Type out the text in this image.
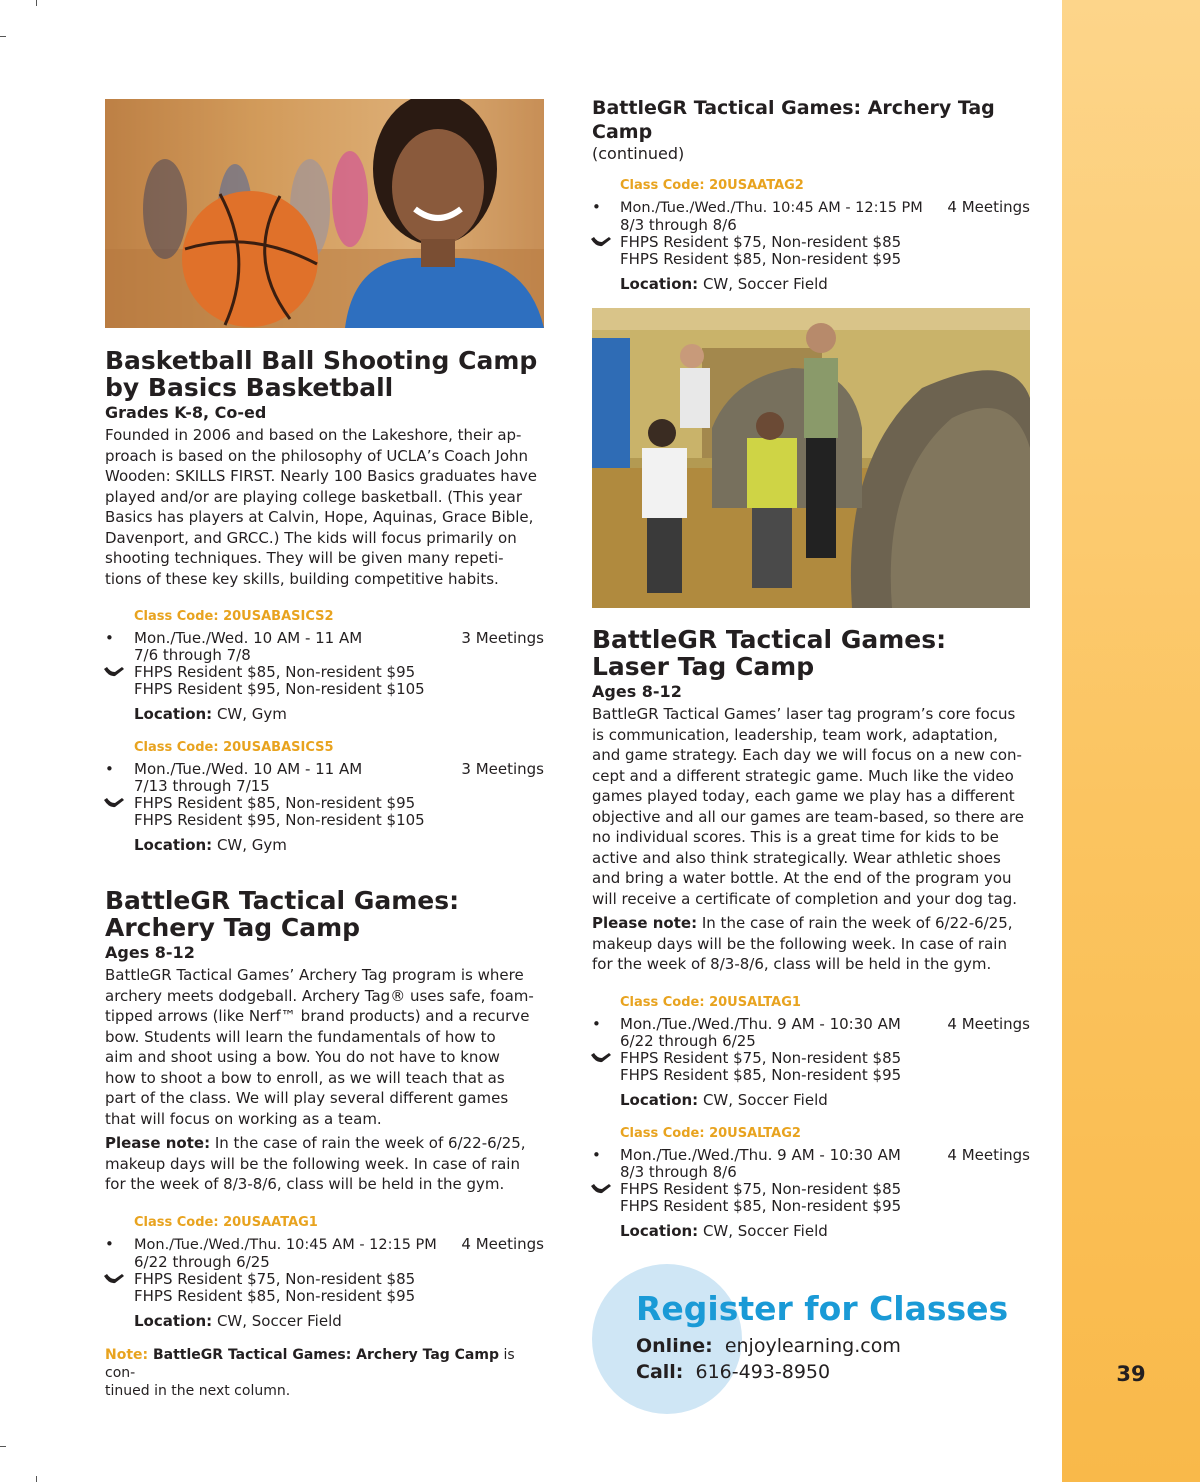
39
Basketball Ball Shooting Camp
by Basics Basketball
Grades K-8, Co-ed

Founded in 2006 and based on the Lakeshore, their ap-

proach is based on the philosophy of UCLA’s Coach John

Wooden: SKILLS FIRST. Nearly 100 Basics graduates have

played and/or are playing college basketball. (This year

Basics has players at Calvin, Hope, Aquinas, Grace Bible,

Davenport, and GRCC.) The kids will focus primarily on

shooting techniques. They will be given many repeti-

tions of these key skills, building competitive habits.

Class Code: 20USABASICS2
• Mon./Tue./Wed. 10 AM - 11 AM	3 Meetings
7/6 through 7/8
FHPS Resident $85, Non-resident $95
FHPS Resident $95, Non-resident $105
Location: CW, Gym
Class Code: 20USABASICS5
• Mon./Tue./Wed. 10 AM - 11 AM	3 Meetings
7/13 through 7/15
FHPS Resident $85, Non-resident $95
FHPS Resident $95, Non-resident $105
Location: CW, Gym
BattleGR Tactical Games:
Archery Tag Camp
Ages 8-12

BattleGR Tactical Games’ Archery Tag program is where

archery meets dodgeball. Archery Tag® uses safe, foam-

tipped arrows (like Nerf™ brand products) and a recurve

bow. Students will learn the fundamentals of how to

aim and shoot using a bow. You do not have to know

how to shoot a bow to enroll, as we will teach that as

part of the class. We will play several different games

that will focus on working as a team.

Please note: In the case of rain the week of 6/22-6/25,

makeup days will be the following week. In case of rain

for the week of 8/3-8/6, class will be held in the gym.

Class Code: 20USAATAG1
• Mon./Tue./Wed./Thu. 10:45 AM - 12:15 PM 4 Meetings
6/22 through 6/25
FHPS Resident $75, Non-resident $85
FHPS Resident $85, Non-resident $95
Location: CW, Soccer Field
Note: BattleGR Tactical Games: Archery Tag Camp is con-
tinued in the next column.
BattleGR Tactical Games: Archery Tag Camp
(continued)
Class Code: 20USAATAG2
• Mon./Tue./Wed./Thu. 10:45 AM - 12:15 PM 4 Meetings
8/3 through 8/6
FHPS Resident $75, Non-resident $85
FHPS Resident $85, Non-resident $95
Location: CW, Soccer Field
BattleGR Tactical Games:
Laser Tag Camp
Ages 8-12

BattleGR Tactical Games’ laser tag program’s core focus

is communication, leadership, team work, adaptation,

and game strategy. Each day we will focus on a new con-

cept and a different strategic game. Much like the video

games played today, each game we play has a different

objective and all our games are team-based, so there are

no individual scores. This is a great time for kids to be

active and also think strategically. Wear athletic shoes

and bring a water bottle. At the end of the program you

will receive a certificate of completion and your dog tag.

Please note: In the case of rain the week of 6/22-6/25,

makeup days will be the following week. In case of rain

for the week of 8/3-8/6, class will be held in the gym.

Class Code: 20USALTAG1
• Mon./Tue./Wed./Thu. 9 AM - 10:30 AM	4 Meetings
6/22 through 6/25
FHPS Resident $75, Non-resident $85
FHPS Resident $85, Non-resident $95
Location: CW, Soccer Field
Class Code: 20USALTAG2
• Mon./Tue./Wed./Thu. 9 AM - 10:30 AM	4 Meetings
8/3 through 8/6
FHPS Resident $75, Non-resident $85
FHPS Resident $85, Non-resident $95
Location: CW, Soccer Field
Register for Classes
Online: enjoylearning.com
Call: 616-493-8950
